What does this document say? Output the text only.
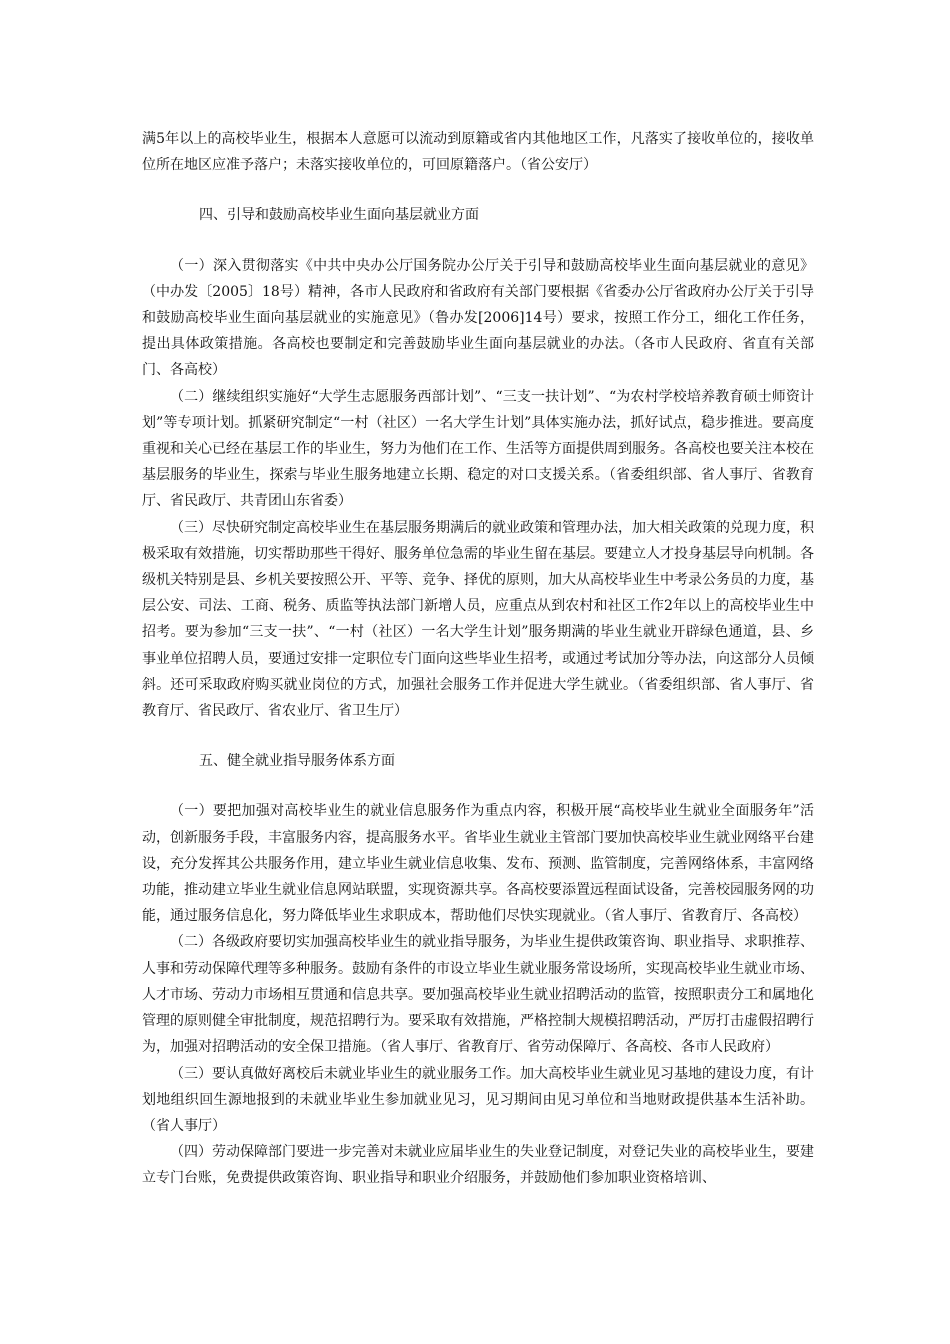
满5年以上的高校毕业生，根据本人意愿可以流动到原籍或省内其他地区工作，凡落实了接收单位的，接收单位所在地区应准予落户；未落实接收单位的，可回原籍落户。（省公安厅）

四、引导和鼓励高校毕业生面向基层就业方面

（一）深入贯彻落实《中共中央办公厅国务院办公厅关于引导和鼓励高校毕业生面向基层就业的意见》（中办发〔2005〕18号）精神，各市人民政府和省政府有关部门要根据《省委办公厅省政府办公厅关于引导和鼓励高校毕业生面向基层就业的实施意见》（鲁办发[2006]14号）要求，按照工作分工，细化工作任务，提出具体政策措施。各高校也要制定和完善鼓励毕业生面向基层就业的办法。（各市人民政府、省直有关部门、各高校）

（二）继续组织实施好“大学生志愿服务西部计划”、“三支一扶计划”、“为农村学校培养教育硕士师资计划”等专项计划。抓紧研究制定“一村（社区）一名大学生计划”具体实施办法，抓好试点，稳步推进。要高度重视和关心已经在基层工作的毕业生，努力为他们在工作、生活等方面提供周到服务。各高校也要关注本校在基层服务的毕业生，探索与毕业生服务地建立长期、稳定的对口支援关系。（省委组织部、省人事厅、省教育厅、省民政厅、共青团山东省委）

（三）尽快研究制定高校毕业生在基层服务期满后的就业政策和管理办法，加大相关政策的兑现力度，积极采取有效措施，切实帮助那些干得好、服务单位急需的毕业生留在基层。要建立人才投身基层导向机制。各级机关特别是县、乡机关要按照公开、平等、竞争、择优的原则，加大从高校毕业生中考录公务员的力度，基层公安、司法、工商、税务、质监等执法部门新增人员，应重点从到农村和社区工作2年以上的高校毕业生中招考。要为参加“三支一扶”、“一村（社区）一名大学生计划”服务期满的毕业生就业开辟绿色通道，县、乡事业单位招聘人员，要通过安排一定职位专门面向这些毕业生招考，或通过考试加分等办法，向这部分人员倾斜。还可采取政府购买就业岗位的方式，加强社会服务工作并促进大学生就业。（省委组织部、省人事厅、省教育厅、省民政厅、省农业厅、省卫生厅）

五、健全就业指导服务体系方面

（一）要把加强对高校毕业生的就业信息服务作为重点内容，积极开展“高校毕业生就业全面服务年”活动，创新服务手段，丰富服务内容，提高服务水平。省毕业生就业主管部门要加快高校毕业生就业网络平台建设，充分发挥其公共服务作用，建立毕业生就业信息收集、发布、预测、监管制度，完善网络体系，丰富网络功能，推动建立毕业生就业信息网站联盟，实现资源共享。各高校要添置远程面试设备，完善校园服务网的功能，通过服务信息化，努力降低毕业生求职成本，帮助他们尽快实现就业。（省人事厅、省教育厅、各高校）

（二）各级政府要切实加强高校毕业生的就业指导服务，为毕业生提供政策咨询、职业指导、求职推荐、人事和劳动保障代理等多种服务。鼓励有条件的市设立毕业生就业服务常设场所，实现高校毕业生就业市场、人才市场、劳动力市场相互贯通和信息共享。要加强高校毕业生就业招聘活动的监管，按照职责分工和属地化管理的原则健全审批制度，规范招聘行为。要采取有效措施，严格控制大规模招聘活动，严厉打击虚假招聘行为，加强对招聘活动的安全保卫措施。（省人事厅、省教育厅、省劳动保障厅、各高校、各市人民政府）

（三）要认真做好离校后未就业毕业生的就业服务工作。加大高校毕业生就业见习基地的建设力度，有计划地组织回生源地报到的未就业毕业生参加就业见习，见习期间由见习单位和当地财政提供基本生活补助。（省人事厅）

（四）劳动保障部门要进一步完善对未就业应届毕业生的失业登记制度，对登记失业的高校毕业生，要建立专门台账，免费提供政策咨询、职业指导和职业介绍服务，并鼓励他们参加职业资格培训、
